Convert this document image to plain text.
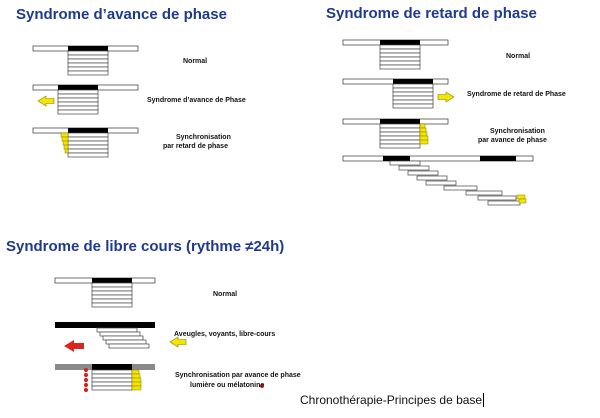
Syndrome d’avance de phase	Syndrome de retard de phase
Syndrome de libre cours (rythme ≠24h)
Normal
Syndrome d’avance de Phase
Synchronisation
par retard de phase
Normal
Syndrome de retard de Phase
Synchronisation
par avance de phase
Normal
Aveugles, voyants, libre-cours
Synchronisation par avance de phase
lumière ou mélatonine
Chronothérapie-Principes de base
